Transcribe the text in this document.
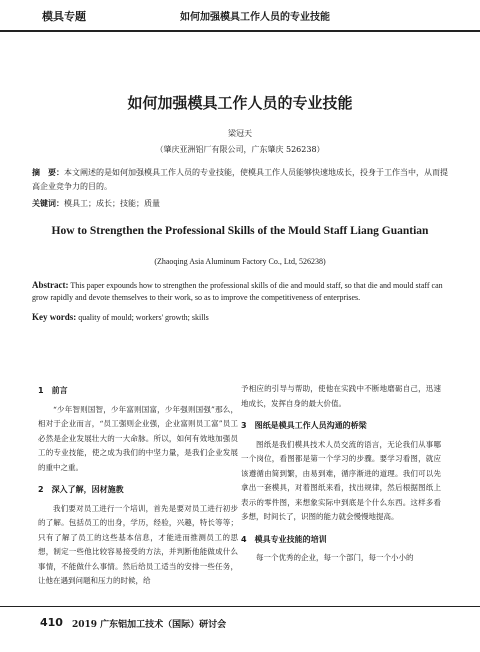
模具专题	如何加强模具工作人员的专业技能
如何加强模具工作人员的专业技能
梁冠天
（肇庆亚洲铝厂有限公司，广东肇庆 526238）
摘　要：本文阐述的是如何加强模具工作人员的专业技能，使模具工作人员能够快速地成长，投身于工作当中，从而提高企业竞争力的目的。
关键词：模具工；成长；技能；质量
How to Strengthen the Professional Skills of the Mould Staff Liang Guantian
(Zhaoqing Asia Aluminum Factory Co., Ltd, 526238)
Abstract: This paper expounds how to strengthen the professional skills of die and mould staff, so that die and mould staff can grow rapidly and devote themselves to their work, so as to improve the competitiveness of enterprises.
Key words: quality of mould; workers' growth; skills
1　前言

“少年智则国智，少年富则国富，少年强则国强”那么，相对于企业而言，“员工强则企业强，企业富则员工富”员工必然是企业发展壮大的一大命脉。所以，如何有效地加强员工的专业技能，使之成为我们的中坚力量，是我们企业发展的重中之重。

2　深入了解，因材施教

我们要对员工进行一个培训，首先是要对员工进行初步的了解。包括员工的出身，学历，经验，兴趣，特长等等；只有了解了员工的这些基本信息，才能进而推测员工的思想，制定一些他比较容易接受的方法，并判断他能做成什么事情，不能做什么事情。然后给员工适当的安排一些任务，让他在遇到问题和压力的时候，给

予相应的引导与帮助，使他在实践中不断地磨砺自己，迅速地成长，发挥自身的最大价值。

3　图纸是模具工作人员沟通的桥梁

图纸是我们模具技术人员交流的语言，无论我们从事哪一个岗位，看图都是第一个学习的步骤。要学习看图，就应该遵循由简到繁，由易到难，循序渐进的道理。我们可以先拿出一套模具，对着图纸来看，找出规律，然后根据图纸上表示的零件图，来想象实际中到底是个什么东西。这样多看多想，时间长了，识图的能力就会慢慢地提高。

4　模具专业技能的培训

每一个优秀的企业，每一个部门，每一个小小的

410 2019 广东铝加工技术（国际）研讨会
